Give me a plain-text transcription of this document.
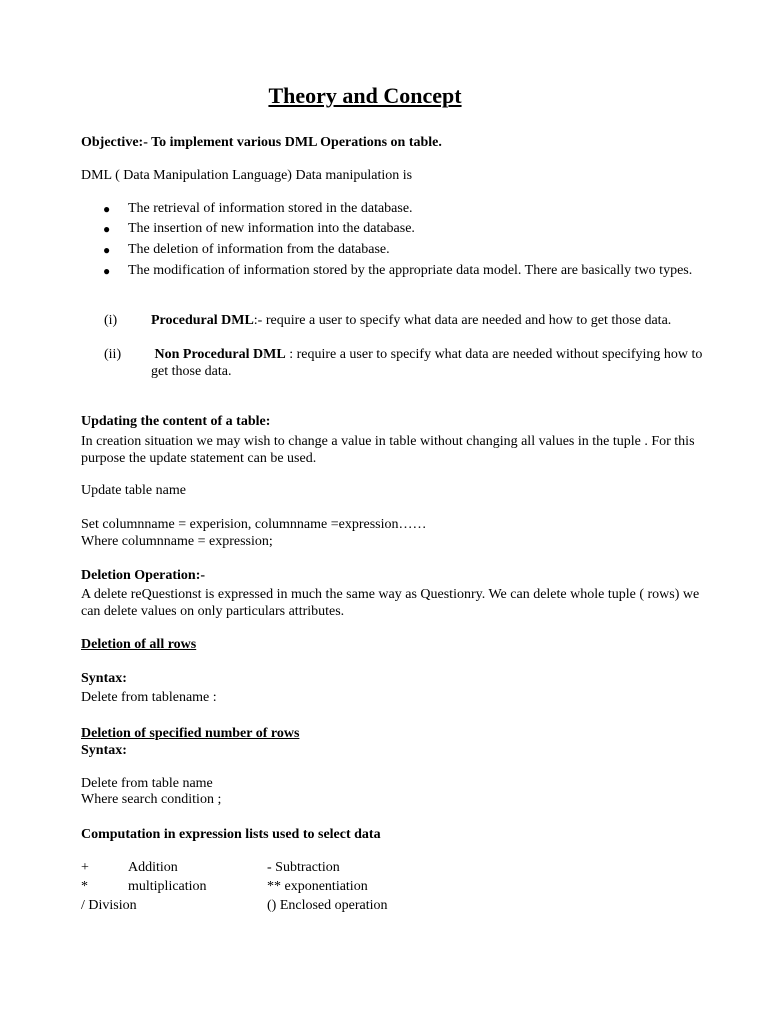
Theory and Concept
Objective:- To implement various DML Operations on table.
DML ( Data Manipulation Language) Data manipulation is
● The retrieval of information stored in the database.
● The insertion of new information into the database.
● The deletion of information from the database.
● The modification of information stored by the appropriate data model. There are basically two types.
(i) Procedural DML:- require a user to specify what data are needed and how to get those data.
(ii) Non Procedural DML : require a user to specify what data are needed without specifying how to get those data.
Updating the content of a table:
In creation situation we may wish to change a value in table without changing all values in the tuple . For this purpose the update statement can be used.
Update table name
Set columnname = experision, columnname =expression……
Where columnname = expression;
Deletion Operation:-
A delete reQuestionst is expressed in much the same way as Questionry. We can delete whole tuple ( rows) we can delete values on only particulars attributes.
Deletion of all rows
Syntax:
Delete from tablename :
Deletion of specified number of rows
Syntax:
Delete from table name
Where search condition ;
Computation in expression lists used to select data
+	Addition	- Subtraction
*	multiplication	** exponentiation
/ Division	() Enclosed operation
